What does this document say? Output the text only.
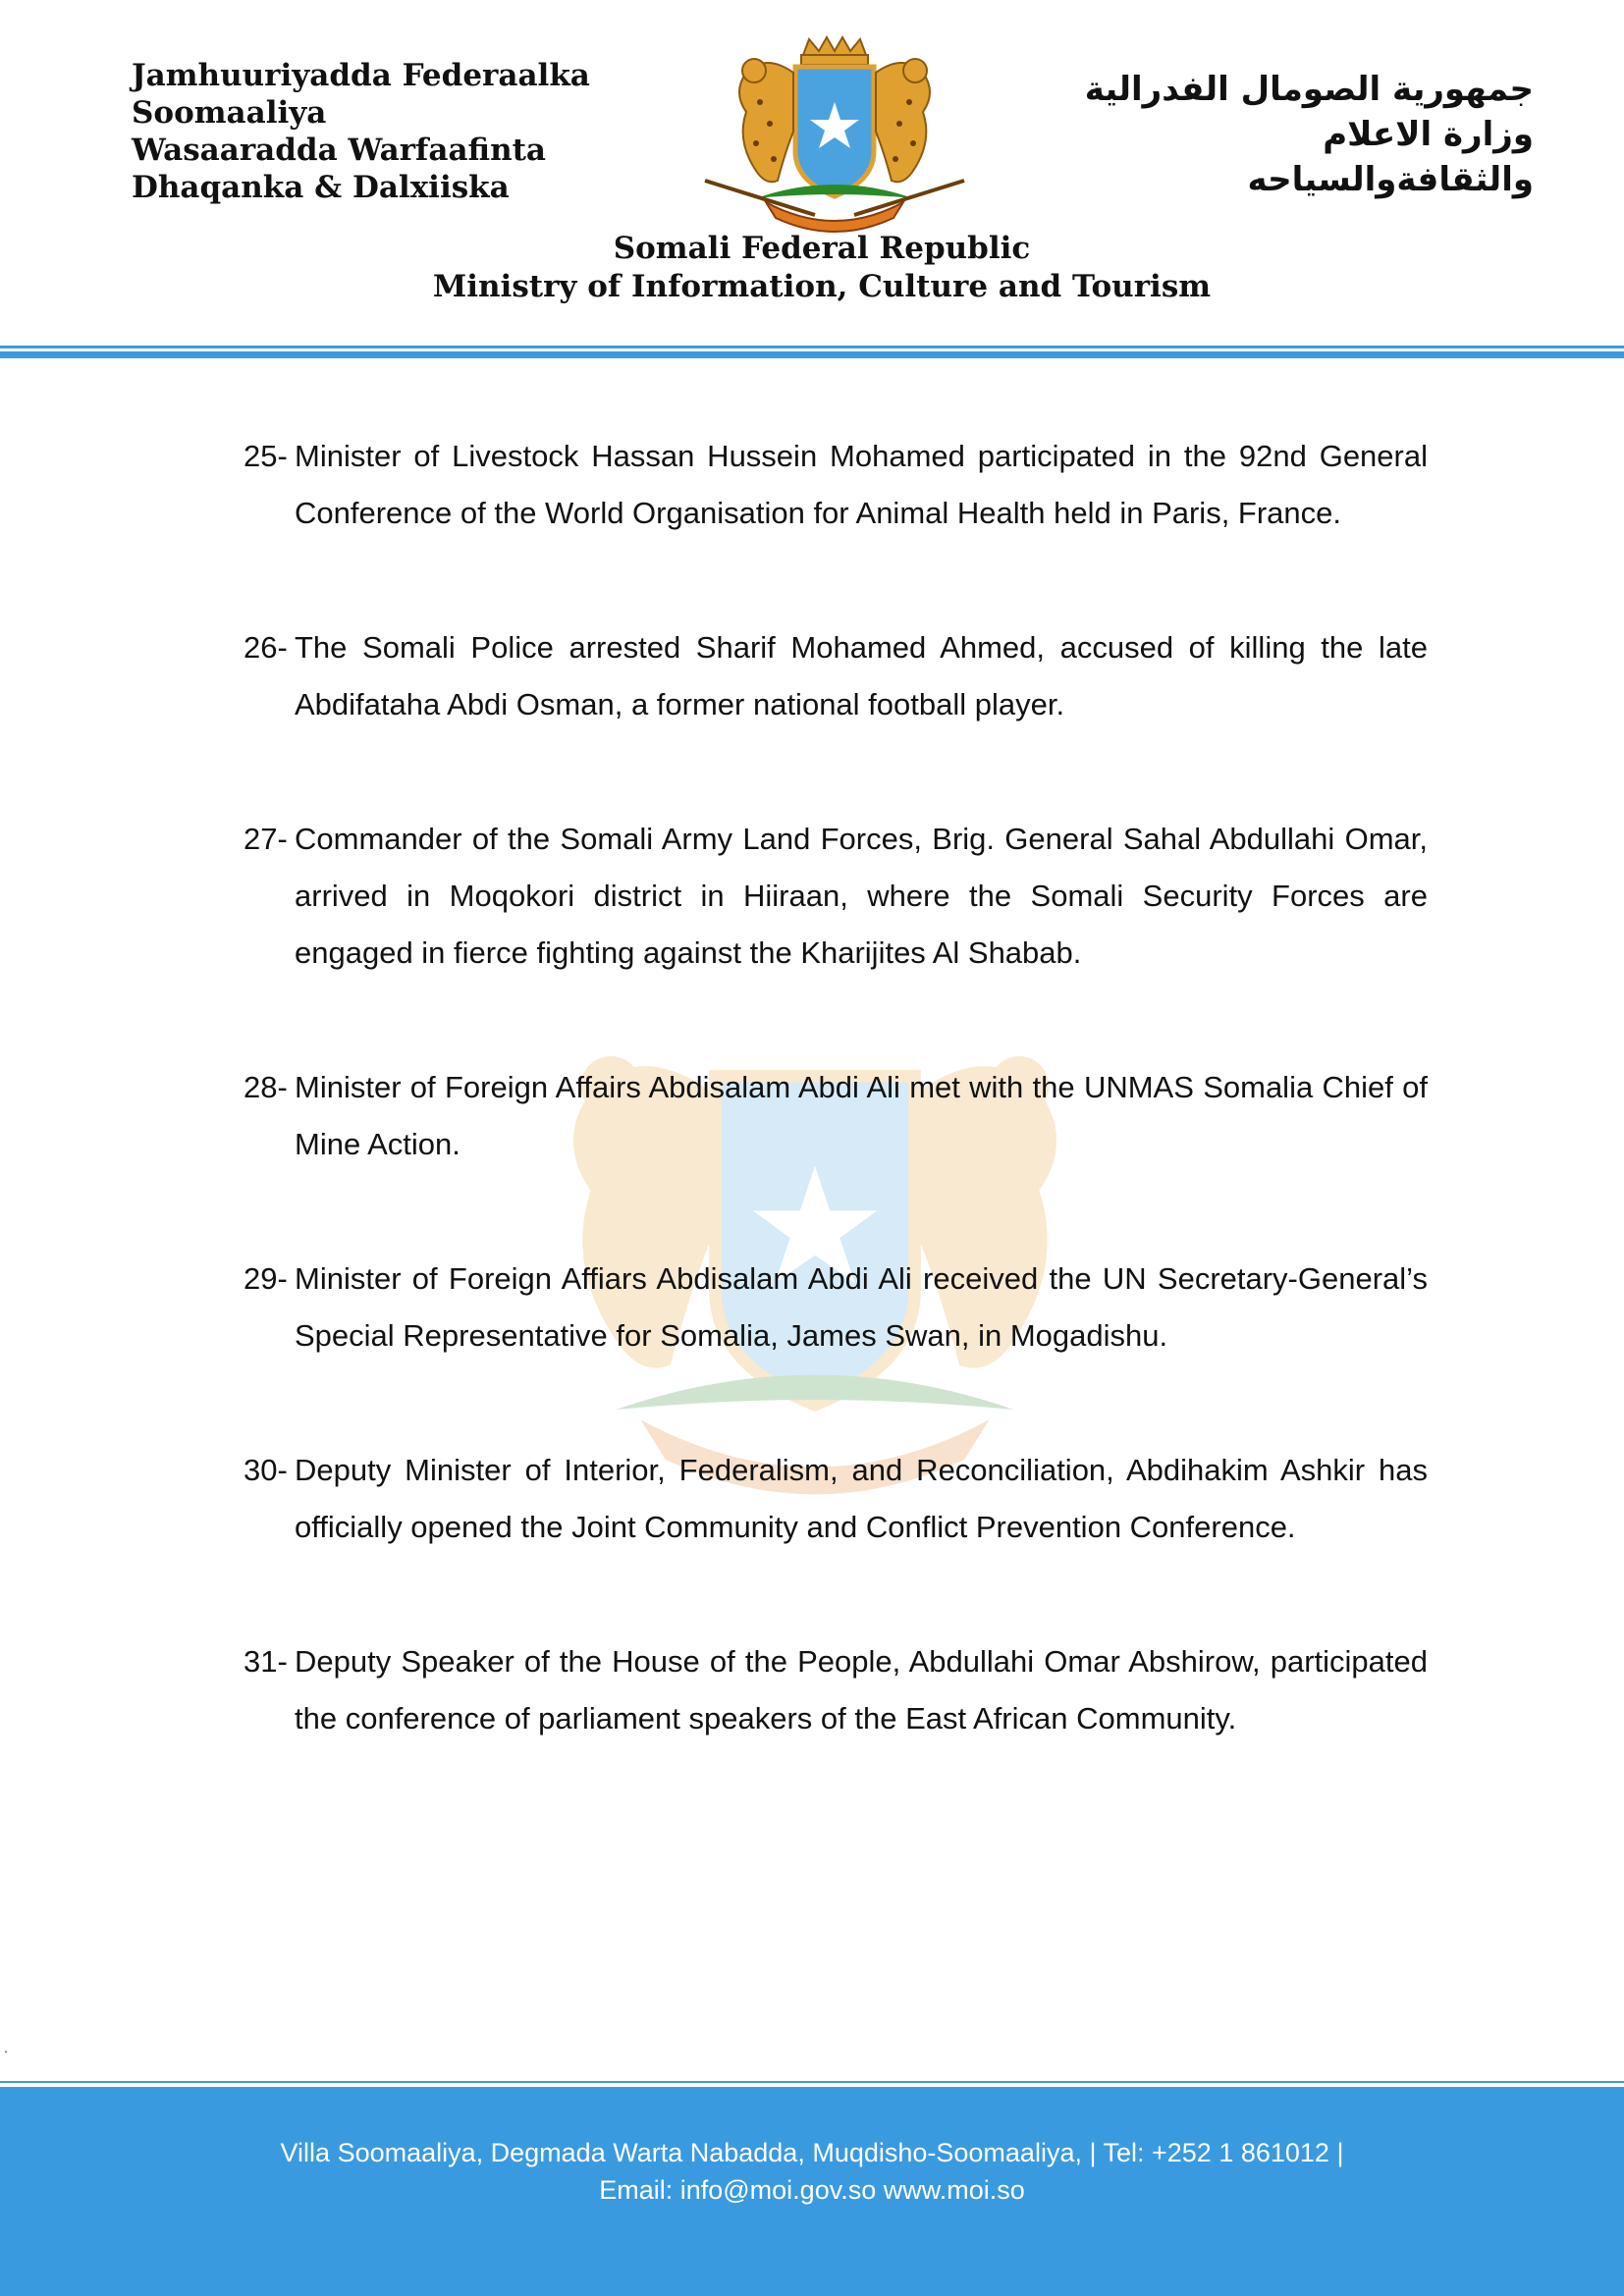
Jamhuuriyadda Federaalka
Soomaaliya
Wasaaradda Warfaafinta
Dhaqanka & Dalxiiska
جمهورية الصومال الفدرالية
وزارة الاعلام
والثقافةوالسياحه
Somali Federal Republic
Ministry of Information, Culture and Tourism
25- Minister of Livestock Hassan Hussein Mohamed participated in the 92nd General Conference of the World Organisation for Animal Health held in Paris, France.
26- The Somali Police arrested Sharif Mohamed Ahmed, accused of killing the late Abdifataha Abdi Osman, a former national football player.
27- Commander of the Somali Army Land Forces, Brig. General Sahal Abdullahi Omar, arrived in Moqokori district in Hiiraan, where the Somali Security Forces are engaged in fierce fighting against the Kharijites Al Shabab.
28- Minister of Foreign Affairs Abdisalam Abdi Ali met with the UNMAS Somalia Chief of Mine Action.
29- Minister of Foreign Affiars Abdisalam Abdi Ali received the UN Secretary-General’s Special Representative for Somalia, James Swan, in Mogadishu.
30- Deputy Minister of Interior, Federalism, and Reconciliation, Abdihakim Ashkir has officially opened the Joint Community and Conflict Prevention Conference.
31- Deputy Speaker of the House of the People, Abdullahi Omar Abshirow, participated the conference of parliament speakers of the East African Community.
.
Villa Soomaaliya, Degmada Warta Nabadda, Muqdisho-Soomaaliya, | Tel: +252 1 861012 |
Email: info@moi.gov.so www.moi.so
